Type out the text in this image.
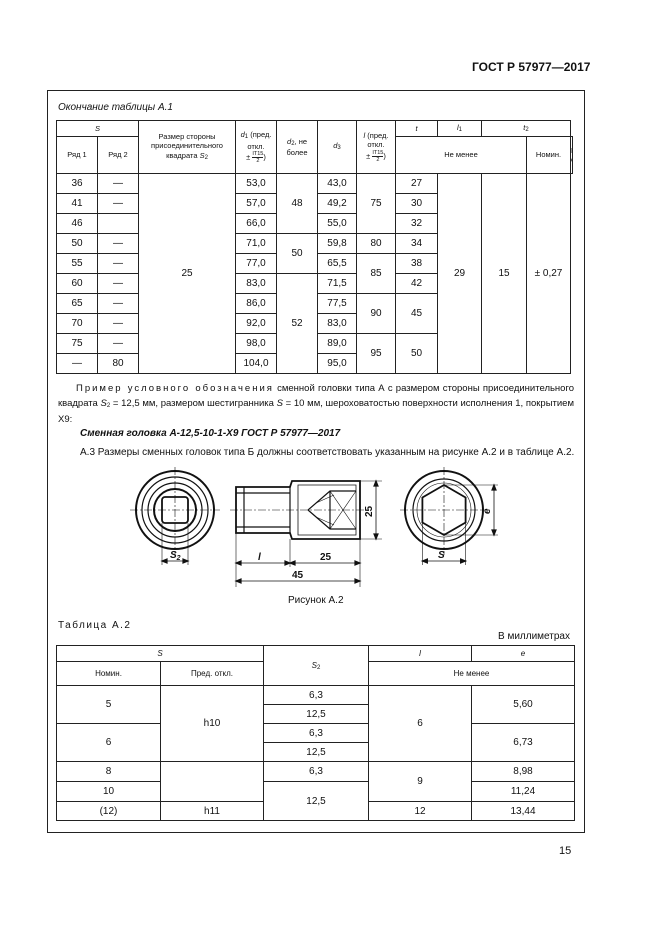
ГОСТ Р 57977—2017
Окончание таблицы А.1
S		Размер стороны присоединительного квадрата S2	d1 (пред. откл.
± $\frac{IT15}{2}$ )	d2, не более	d3	l (пред. откл.
± $\frac{IT15}{2}$ )	t	l1	t2		
Ряд 1	Ряд 2						Не менее			Номин.	

36	—	25	53,0	48	43,0	75	27	29	15	± 0,27	
41	—		57,0		49,2		30				
46			66,0		55,0		32				
50	—		71,0	50	59,8	80	34				
55	—		77,0		65,5	85	38				
60	—		83,0	52	71,5		42				
65	—		86,0		77,5	90	45				
70	—		92,0		83,0						
75	—		98,0		89,0	95	50				
—	80		104,0		95,0						
Пример условного обозначения сменной головки типа А с размером стороны присоединительного квадрата S2 = 12,5 мм, размером шестигранника S = 10 мм, шероховатостью поверхности исполнения 1, покрытием Х9:
Сменная головка А-12,5-10-1-Х9 ГОСТ Р 57977—2017
А.3 Размеры сменных головок типа Б должны соответствовать указанным на рисунке А.2 и в таблице А.2.
$S_2$	l	25
45
25
S
e
Рисунок А.2
Таблица А.2
В миллиметрах
S		S2	l	e
Номин.	Пред. откл.		Не менее	
5	h10	6,3	6	5,60
		12,5		
6		6,3		6,73
		12,5		
8		6,3	9	8,98
10		12,5		11,24
(12)	h11		12	13,44
15
